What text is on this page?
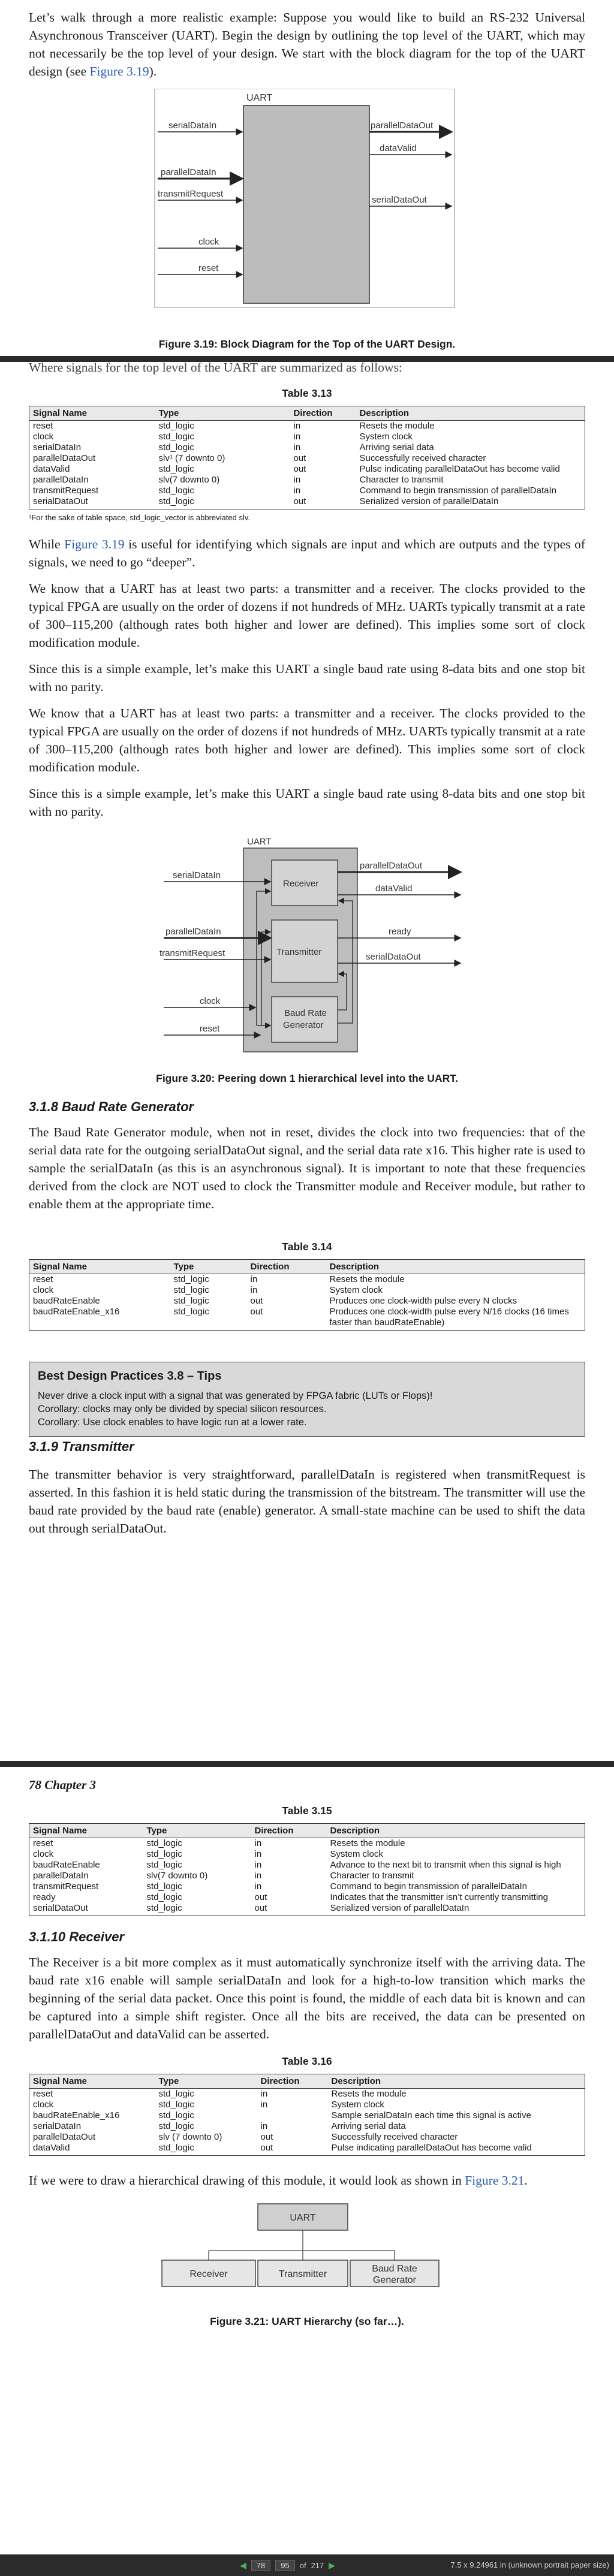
Let’s walk through a more realistic example: Suppose you would like to build an RS-232 Universal Asynchronous Transceiver (UART). Begin the design by outlining the top level of the UART, which may not necessarily be the top level of your design. We start with the block diagram for the top of the UART design (see Figure 3.19).

UART
serialDataIn
parallelDataIn
transmitRequest
clock
reset
parallelDataOut
dataValid
serialDataOut
Figure 3.19: Block Diagram for the Top of the UART Design.

Where signals for the top level of the UART are summarized as follows:

Table 3.13
Signal Name	Type	Direction	Description
reset	std_logic	in	Resets the module
clock	std_logic	in	System clock
serialDataIn	std_logic	in	Arriving serial data
parallelDataOut	slv¹ (7 downto 0)	out	Successfully received character
dataValid	std_logic	out	Pulse indicating parallelDataOut has become valid
parallelDataIn	slv(7 downto 0)	in	Character to transmit
transmitRequest	std_logic	in	Command to begin transmission of parallelDataIn
serialDataOut	std_logic	out	Serialized version of parallelDataIn
¹For the sake of table space, std_logic_vector is abbreviated slv.

While Figure 3.19 is useful for identifying which signals are input and which are outputs and the types of signals, we need to go “deeper”.

We know that a UART has at least two parts: a transmitter and a receiver. The clocks provided to the typical FPGA are usually on the order of dozens if not hundreds of MHz. UARTs typically transmit at a rate of 300–115,200 (although rates both higher and lower are defined). This implies some sort of clock modification module.

Since this is a simple example, let’s make this UART a single baud rate using 8-data bits and one stop bit with no parity.

We know that a UART has at least two parts: a transmitter and a receiver. The clocks provided to the typical FPGA are usually on the order of dozens if not hundreds of MHz. UARTs typically transmit at a rate of 300–115,200 (although rates both higher and lower are defined). This implies some sort of clock modification module.

Since this is a simple example, let’s make this UART a single baud rate using 8-data bits and one stop bit with no parity.

UART
Receiver
Transmitter
Baud Rate
Generator
serialDataIn
parallelDataIn
transmitRequest
clock
reset
parallelDataOut
dataValid
ready
serialDataOut
Figure 3.20: Peering down 1 hierarchical level into the UART.
3.1.8 Baud Rate Generator

The Baud Rate Generator module, when not in reset, divides the clock into two frequencies: that of the serial data rate for the outgoing serialDataOut signal, and the serial data rate x16. This higher rate is used to sample the serialDataIn (as this is an asynchronous signal). It is important to note that these frequencies derived from the clock are NOT used to clock the Transmitter module and Receiver module, but rather to enable them at the appropriate time.

Table 3.14
Signal Name	Type	Direction	Description
reset	std_logic	in	Resets the module
clock	std_logic	in	System clock
baudRateEnable	std_logic	out	Produces one clock-width pulse every N clocks
baudRateEnable_x16	std_logic	out	Produces one clock-width pulse every N/16 clocks (16 times faster than baudRateEnable)
Best Design Practices 3.8 – Tips
Never drive a clock input with a signal that was generated by FPGA fabric (LUTs or Flops)!
Corollary: clocks may only be divided by special silicon resources.
Corollary: Use clock enables to have logic run at a lower rate.
3.1.9 Transmitter

The transmitter behavior is very straightforward, parallelDataIn is registered when transmitRequest is asserted. In this fashion it is held static during the transmission of the bitstream. The transmitter will use the baud rate provided by the baud rate (enable) generator. A small-state machine can be used to shift the data out through serialDataOut.

78 Chapter 3
Table 3.15
Signal Name	Type	Direction	Description
reset	std_logic	in	Resets the module
clock	std_logic	in	System clock
baudRateEnable	std_logic	in	Advance to the next bit to transmit when this signal is high
parallelDataIn	slv(7 downto 0)	in	Character to transmit
transmitRequest	std_logic	in	Command to begin transmission of parallelDataIn
ready	std_logic	out	Indicates that the transmitter isn’t currently transmitting
serialDataOut	std_logic	out	Serialized version of parallelDataIn
3.1.10 Receiver

The Receiver is a bit more complex as it must automatically synchronize itself with the arriving data. The baud rate x16 enable will sample serialDataIn and look for a high-to-low transition which marks the beginning of the serial data packet. Once this point is found, the middle of each data bit is known and can be captured into a simple shift register. Once all the bits are received, the data can be presented on parallelDataOut and dataValid can be asserted.

Table 3.16
Signal Name	Type	Direction	Description
reset	std_logic	in	Resets the module
clock	std_logic	in	System clock
baudRateEnable_x16	std_logic		Sample serialDataIn each time this signal is active
serialDataIn	std_logic	in	Arriving serial data
parallelDataOut	slv (7 downto 0)	out	Successfully received character
dataValid	std_logic	out	Pulse indicating parallelDataOut has become valid

If we were to draw a hierarchical drawing of this module, it would look as shown in Figure 3.21.

UART
Receiver	Transmitter
Baud Rate
Generator
Figure 3.21: UART Hierarchy (so far…).
◀	78	95	of 217 ▶	7.5 x 9.24961 in (unknown portrait paper size)
